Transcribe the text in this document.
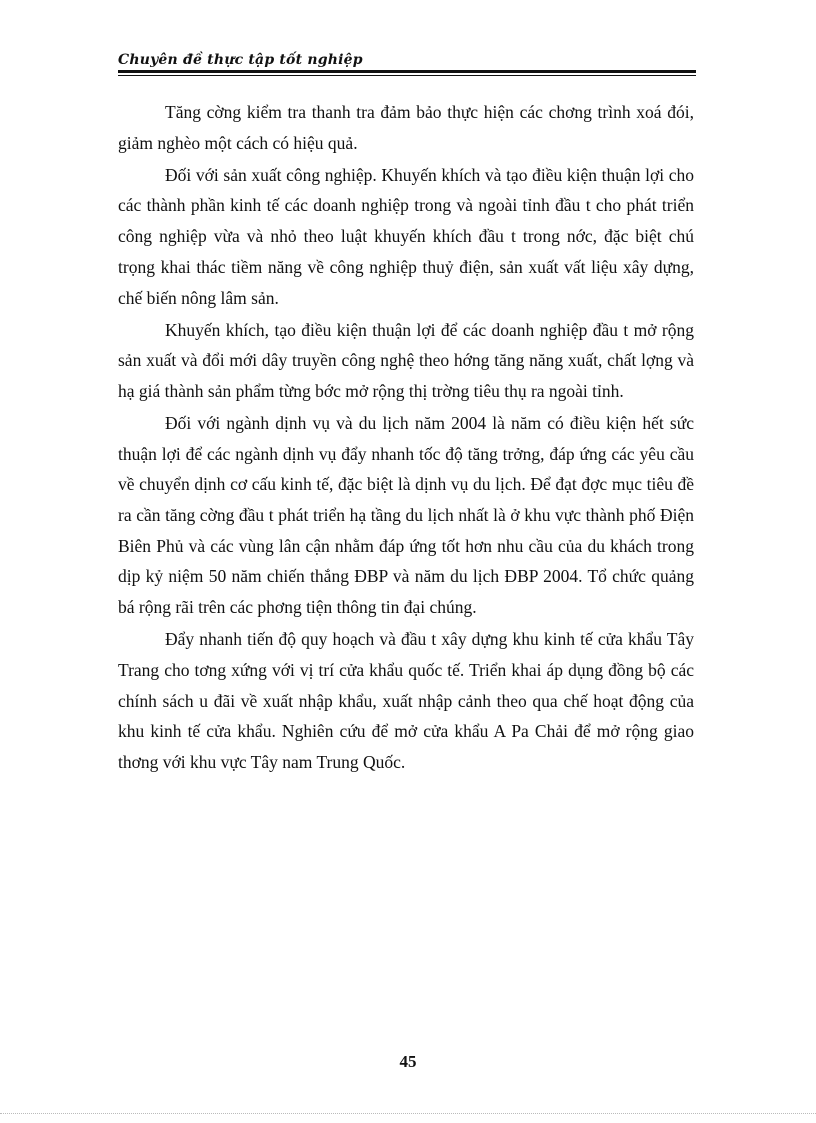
Chuyên đề thực tập tốt nghiệp

Tăng cờng kiểm tra thanh tra đảm bảo thực hiện các chơng trình xoá đói, giảm nghèo một cách có hiệu quả.

Đối với sản xuất công nghiệp. Khuyến khích và tạo điều kiện thuận lợi cho các thành phần kinh tế các doanh nghiệp trong và ngoài tỉnh đầu t cho phát triển công nghiệp vừa và nhỏ theo luật khuyến khích đầu t trong nớc, đặc biệt chú trọng khai thác tiềm năng về công nghiệp thuỷ điện, sản xuất vất liệu xây dựng, chế biến nông lâm sản.

Khuyến khích, tạo điều kiện thuận lợi để các doanh nghiệp đầu t mở rộng sản xuất và đổi mới dây truyền công nghệ theo hớng tăng năng xuất, chất lợng và hạ giá thành sản phẩm từng bớc mở rộng thị trờng tiêu thụ ra ngoài tỉnh.

Đối với ngành dịnh vụ và du lịch năm 2004 là năm có điều kiện hết sức thuận lợi để các ngành dịnh vụ đẩy nhanh tốc độ tăng trởng, đáp ứng các yêu cầu về chuyển dịnh cơ cấu kinh tế, đặc biệt là dịnh vụ du lịch. Để đạt đợc mục tiêu đề ra cần tăng cờng đầu t phát triển hạ tầng du lịch nhất là ở khu vực thành phố Điện Biên Phủ và các vùng lân cận nhằm đáp ứng tốt hơn nhu cầu của du khách trong dịp kỷ niệm 50 năm chiến thắng ĐBP và năm du lịch ĐBP 2004. Tổ chức quảng bá rộng rãi trên các phơng tiện thông tin đại chúng.

Đẩy nhanh tiến độ quy hoạch và đầu t xây dựng khu kinh tế cửa khẩu Tây Trang cho tơng xứng với vị trí cửa khẩu quốc tế. Triển khai áp dụng đồng bộ các chính sách u đãi về xuất nhập khẩu, xuất nhập cảnh theo qua chế hoạt động của khu kinh tế cửa khẩu. Nghiên cứu để mở cửa khẩu A Pa Chải để mở rộng giao thơng với khu vực Tây nam Trung Quốc.

45
